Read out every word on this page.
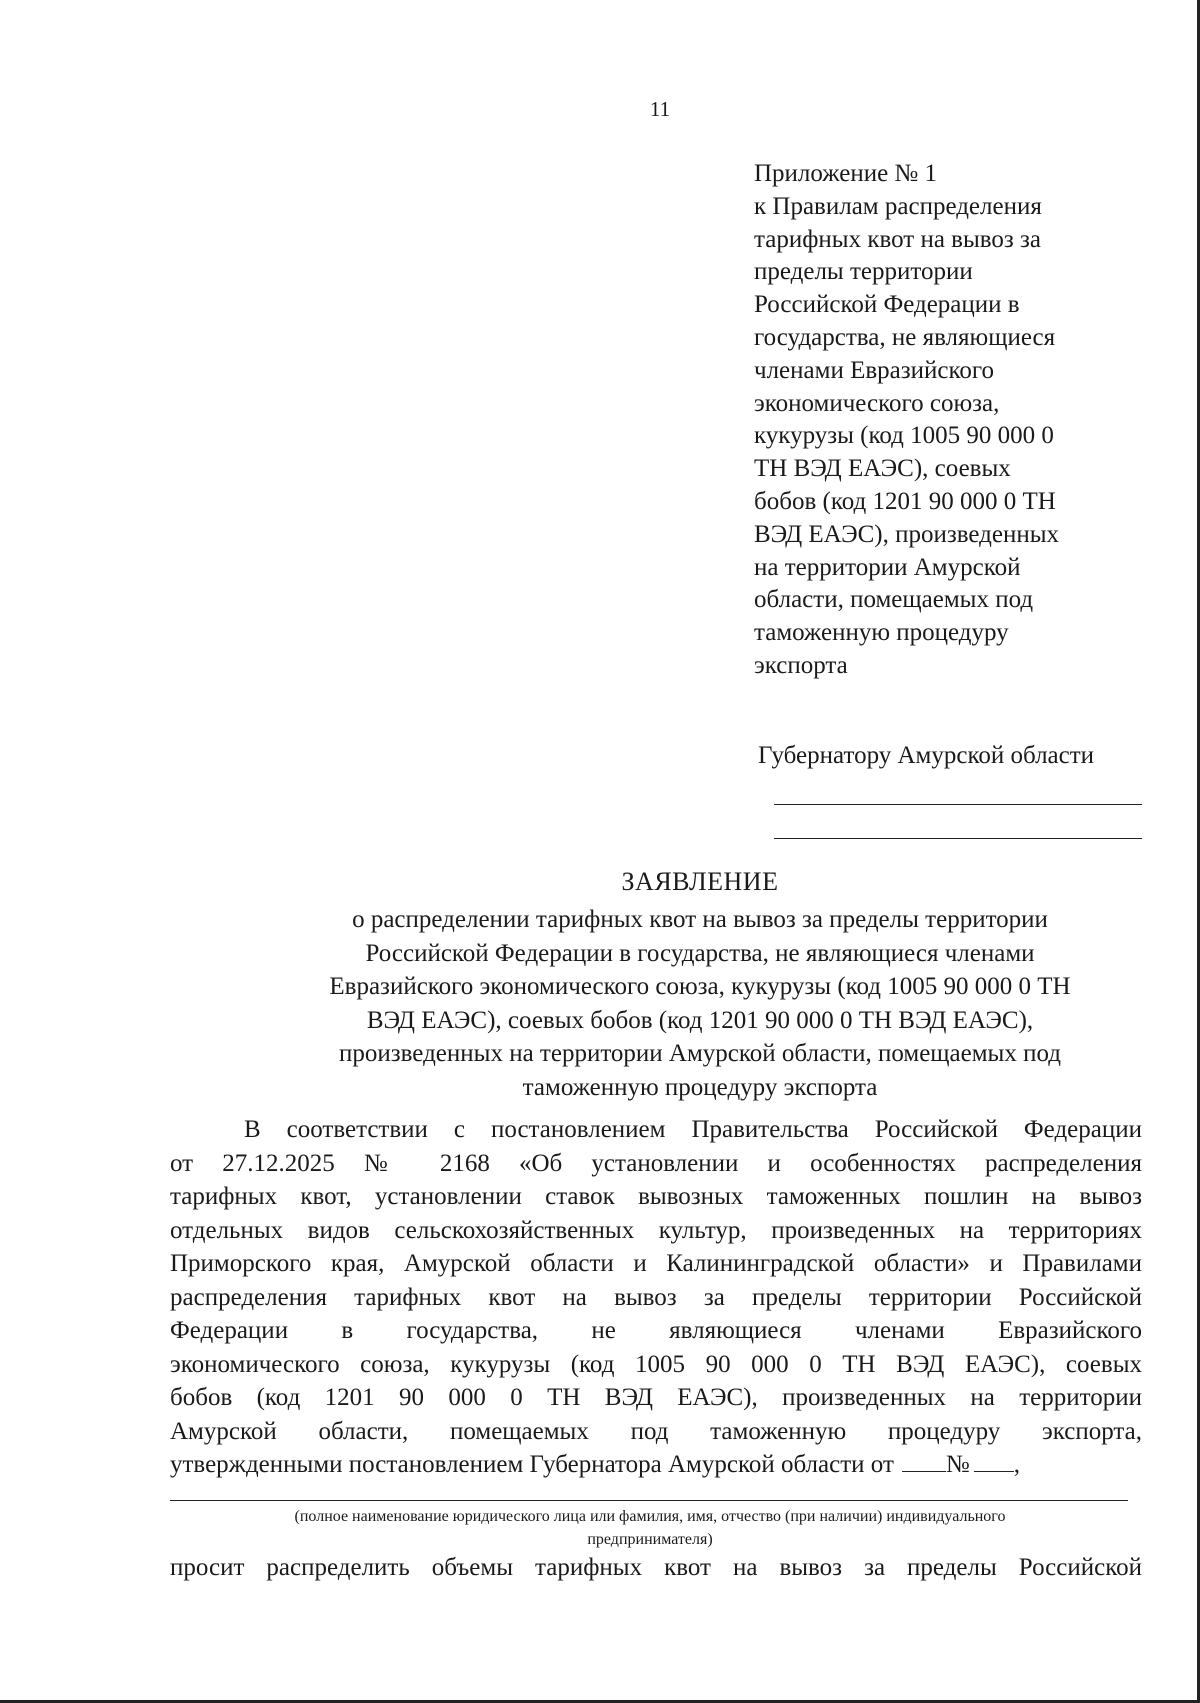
11
Приложение № 1
к Правилам распределения
тарифных квот на вывоз за
пределы территории
Российской Федерации в
государства, не являющиеся
членами Евразийского
экономического союза,
кукурузы (код 1005 90 000 0
ТН ВЭД ЕАЭС), соевых
бобов (код 1201 90 000 0 ТН
ВЭД ЕАЭС), произведенных
на территории Амурской
области, помещаемых под
таможенную процедуру
экспорта
Губернатору Амурской области
ЗАЯВЛЕНИЕ
о распределении тарифных квот на вывоз за пределы территории
Российской Федерации в государства, не являющиеся членами
Евразийского экономического союза, кукурузы (код 1005 90 000 0 ТН
ВЭД ЕАЭС), соевых бобов (код 1201 90 000 0 ТН ВЭД ЕАЭС),
произведенных на территории Амурской области, помещаемых под
таможенную процедуру экспорта
В соответствии с постановлением Правительства Российской Федерации
от 27.12.2025 № 2168 «Об установлении и особенностях распределения
тарифных квот, установлении ставок вывозных таможенных пошлин на вывоз
отдельных видов сельскохозяйственных культур, произведенных на территориях
Приморского края, Амурской области и Калининградской области» и Правилами
распределения тарифных квот на вывоз за пределы территории Российской
Федерации в государства, не являющиеся членами Евразийского
экономического союза, кукурузы (код 1005 90 000 0 ТН ВЭД ЕАЭС), соевых
бобов (код 1201 90 000 0 ТН ВЭД ЕАЭС), произведенных на территории
Амурской области, помещаемых под таможенную процедуру экспорта,
утвержденными постановлением Губернатора Амурской области от № ,
(полное наименование юридического лица или фамилия, имя, отчество (при наличии) индивидуального
предпринимателя)
просит распределить объемы тарифных квот на вывоз за пределы Российской
